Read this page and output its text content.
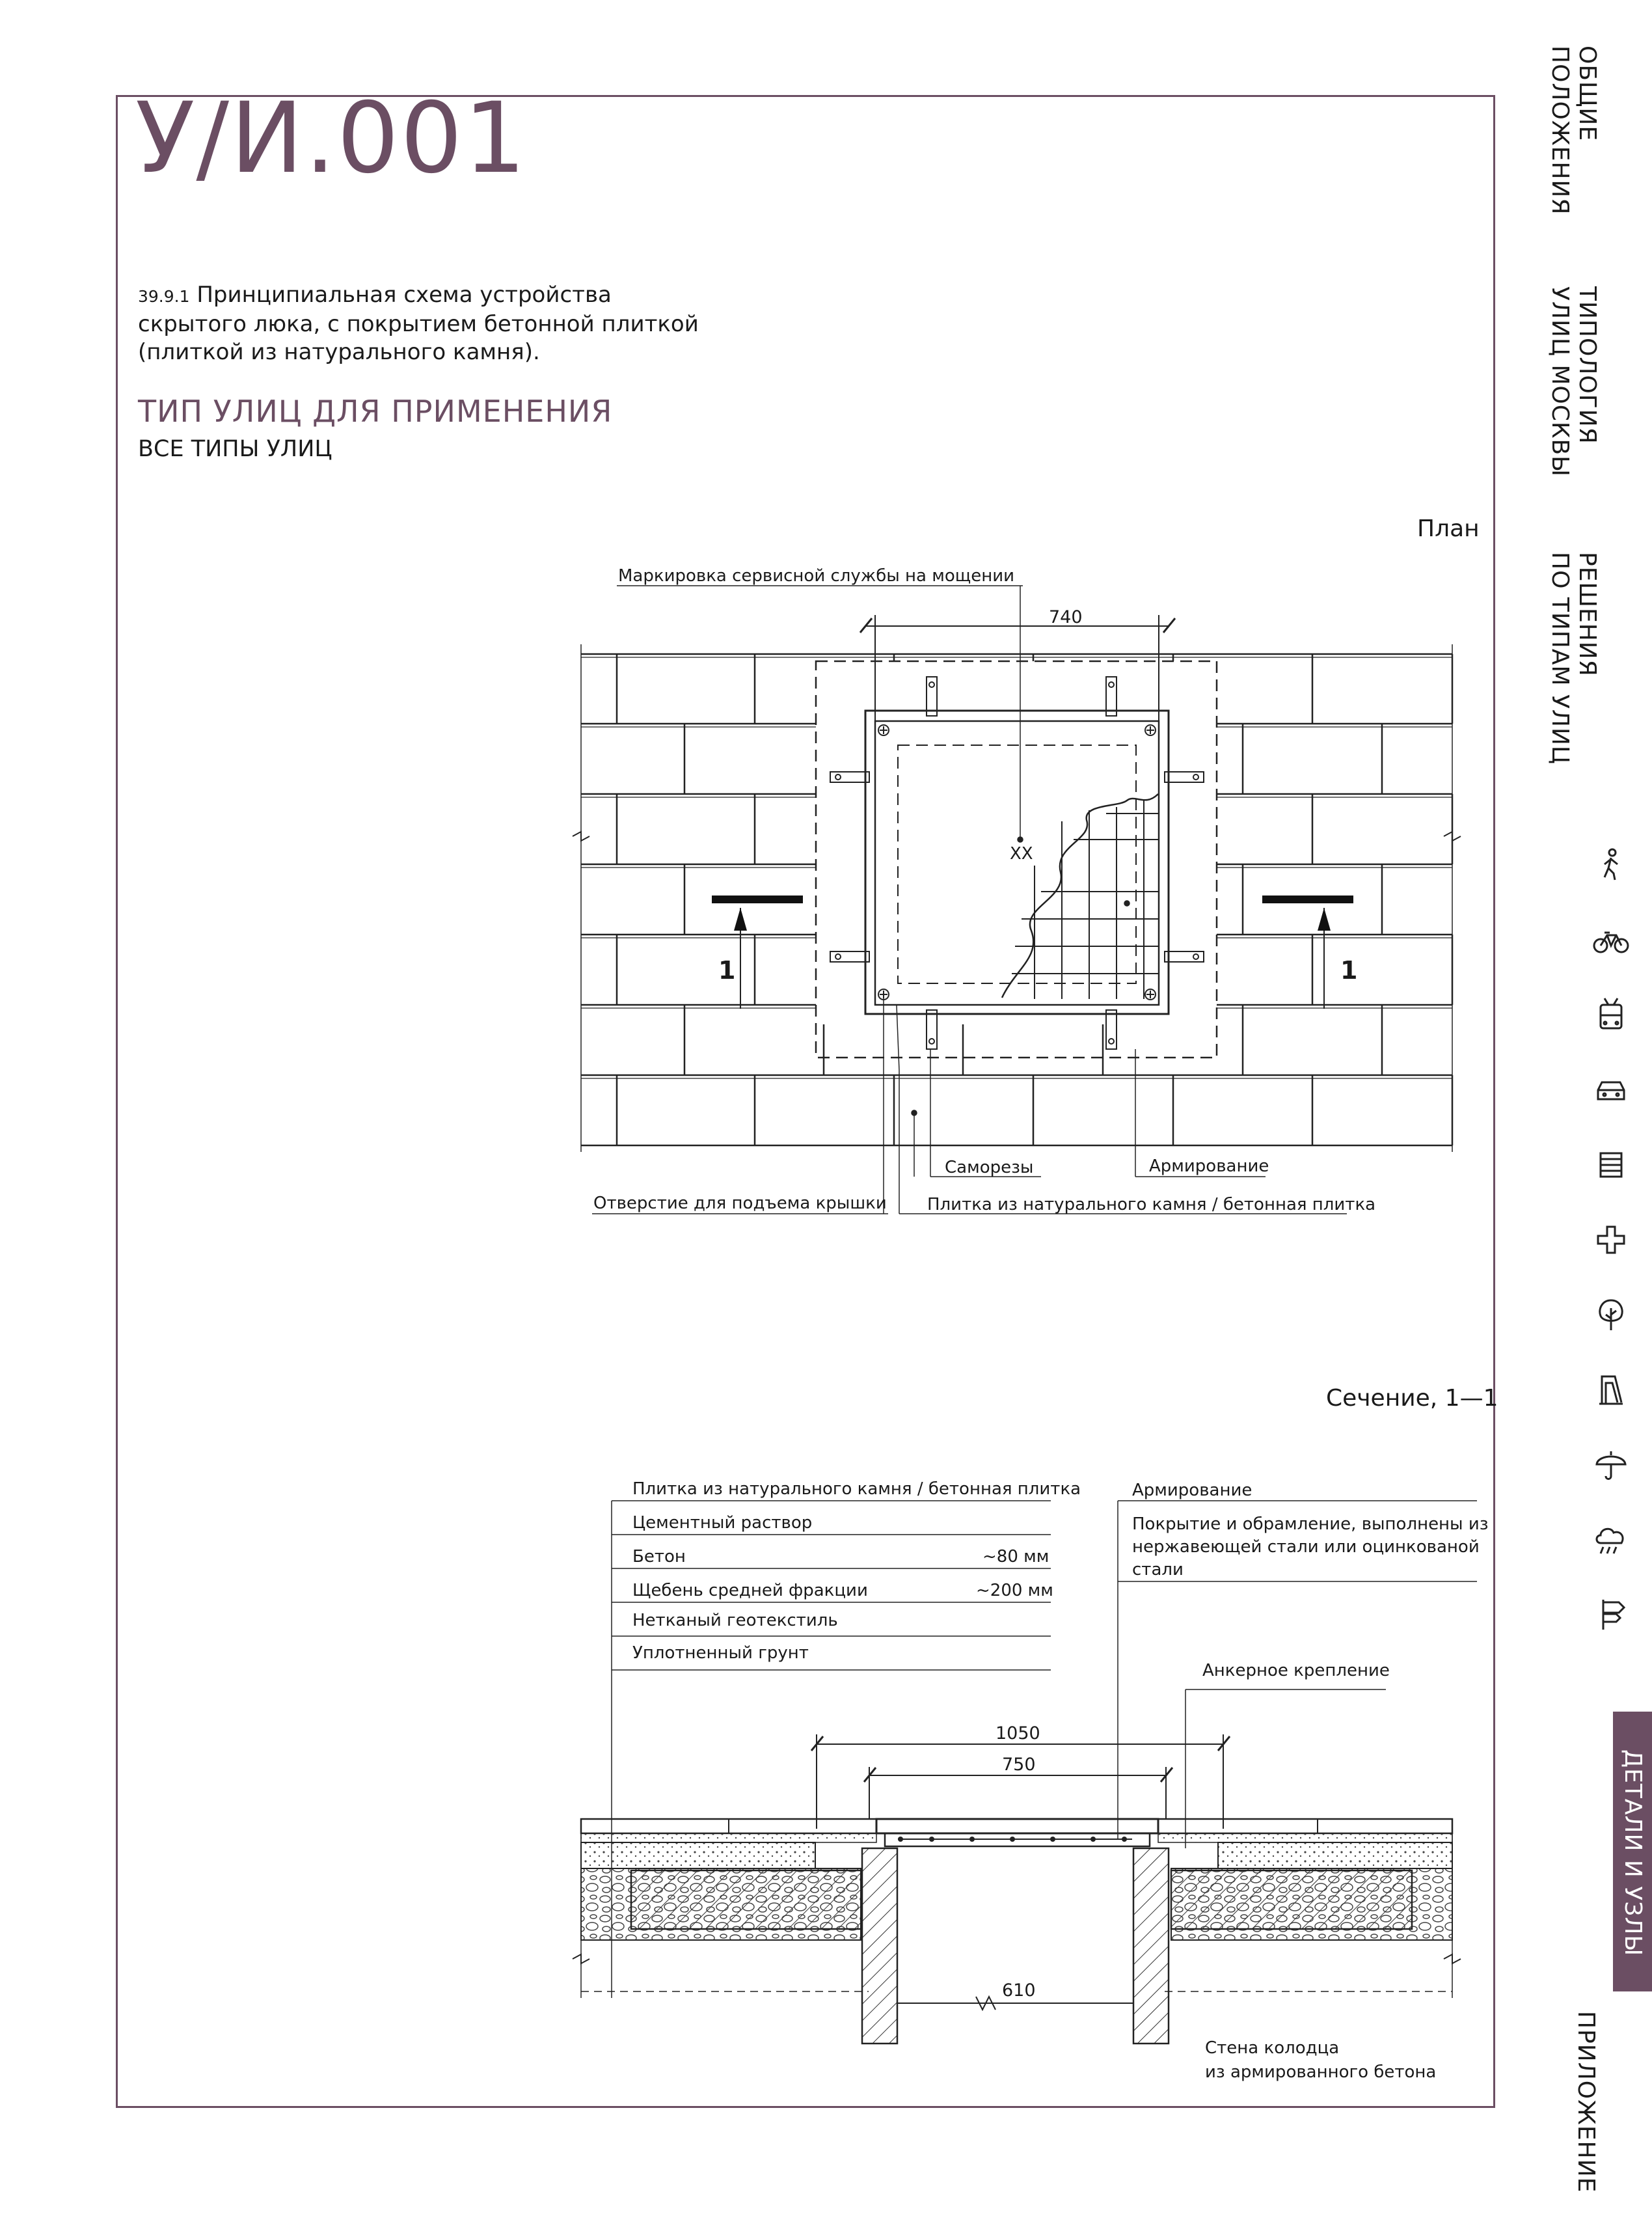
У/И.001
39.9.1 Принципиальная схема устройства скрытого люка, с покрытием бетонной плиткой (плиткой из натурального камня).
ТИП УЛИЦ ДЛЯ ПРИМЕНЕНИЯ
ВСЕ ТИПЫ УЛИЦ
План
Сечение, 1—1
Маркировка сервисной службы на мощении
740
XX
1	1
Саморезы	Армирование
Отверстие для подъема крышки Плитка из натурального камня / бетонная плитка
Плитка из натурального камня / бетонная плитка
Цементный раствор
Бетон	~80 мм
Щебень средней фракции	~200 мм
Нетканый геотекстиль
Уплотненный грунт
Армирование
Покрытие и обрамление, выполнены из
нержавеющей стали или оцинкованой
стали
Анкерное крепление
1050
750
610
Стена колодца
из армированного бетона
ОБЩИЕ
ПОЛОЖЕНИЯ
ТИПОЛОГИЯ
УЛИЦ МОСКВЫ
РЕШЕНИЯ
ПО ТИПАМ УЛИЦ
ДЕТАЛИ И УЗЛЫ
ПРИЛОЖЕНИЕ
